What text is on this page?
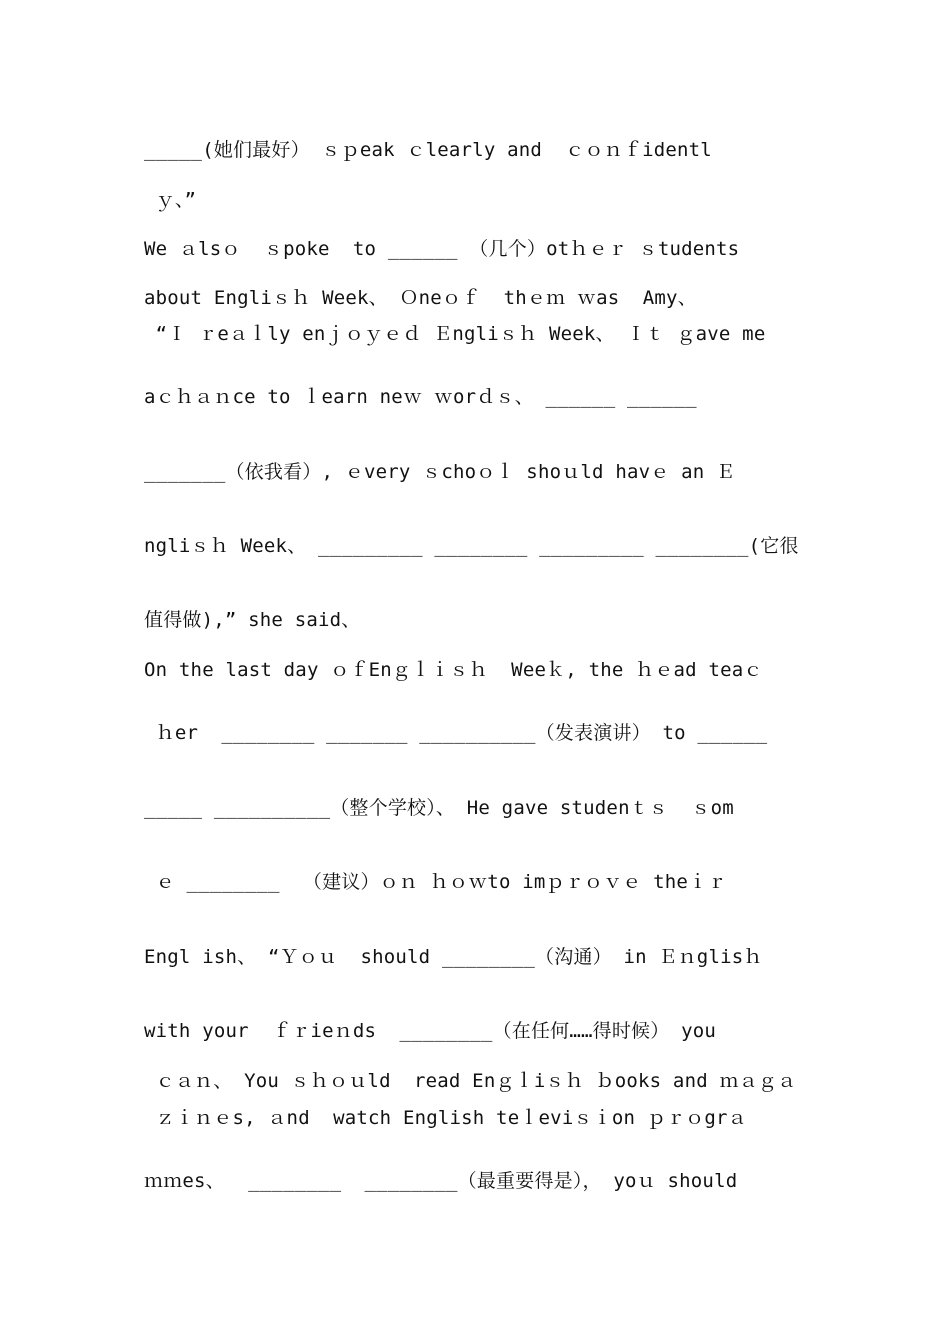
_____(她们最好） ｓｐeak ｃlearly and  ｃｏｎｆidentl
ｙ、”
We ａlsｏ  ｓpoke  to ______ （几个）otｈｅｒ ｓtudents
about Engliｓｈ Week、 Ｏneｏｆ  thｅｍ ｗas  Amy、
“Ｉ ｒeａｌly enｊｏｙｅｄ Ｅngliｓｈ Week、 Ｉｔ ｇave me
aｃｈａｎce to ｌearn neｗ ｗorｄｓ、 ______ ______
_______（依我看）, ｅvery ｓchoｏｌ shoｕld havｅ an Ｅ
ngliｓｈ Week、 _________ ________ _________ ________(它很
值得做),” she said、
On the last day ｏｆEnｇｌｉｓｈ  Weeｋ, the ｈｅad teaｃ
ｈer  ________ _______ __________（发表演讲） to ______
_____ __________（整个学校）、 He gave studenｔｓ  ｓom
ｅ ________  （建议）ｏｎ ｈｏｗto imｐｒｏｖｅ theｉｒ
Engl ish、 “Ｙｏｕ  should ________（沟通） in Ｅｎglisｈ
with your  ｆｒieｎds  ________（在任何……得时候） you
ｃａｎ、 You ｓｈｏｕld  read Enｇｌiｓｈ ｂooks and ｍａｇａ
ｚｉｎｅs, ａnd  watch English teｌeviｓｉon ｐｒｏgrａ
ｍｍes、  ________  ________（最重要得是）， yoｕ should
